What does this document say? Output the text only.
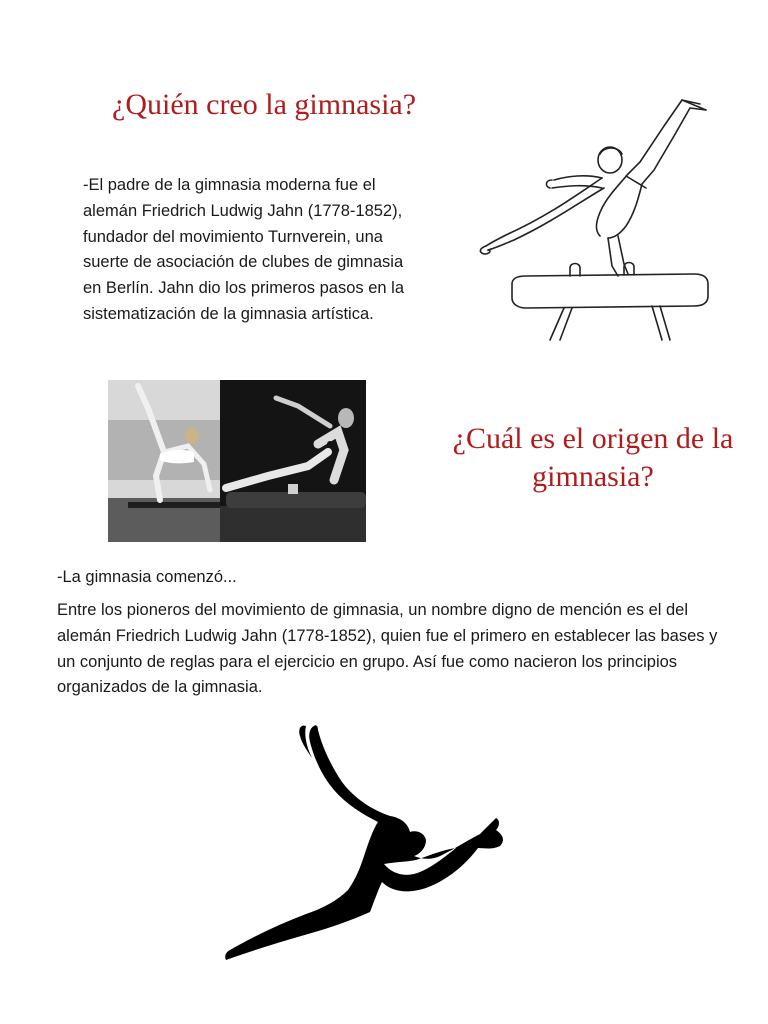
¿Quién creo la gimnasia?

-El padre de la gimnasia moderna fue el alemán Friedrich Ludwig Jahn (1778-1852), fundador del movimiento Turnverein, una suerte de asociación de clubes de gimnasia en Berlín. Jahn dio los primeros pasos en la sistematización de la gimnasia artística.

¿Cuál es el origen de la gimnasia?

-La gimnasia comenzó...

Entre los pioneros del movimiento de gimnasia, un nombre digno de mención es el del alemán Friedrich Ludwig Jahn (1778-1852), quien fue el primero en establecer las bases y un conjunto de reglas para el ejercicio en grupo. Así fue como nacieron los principios organizados de la gimnasia.
